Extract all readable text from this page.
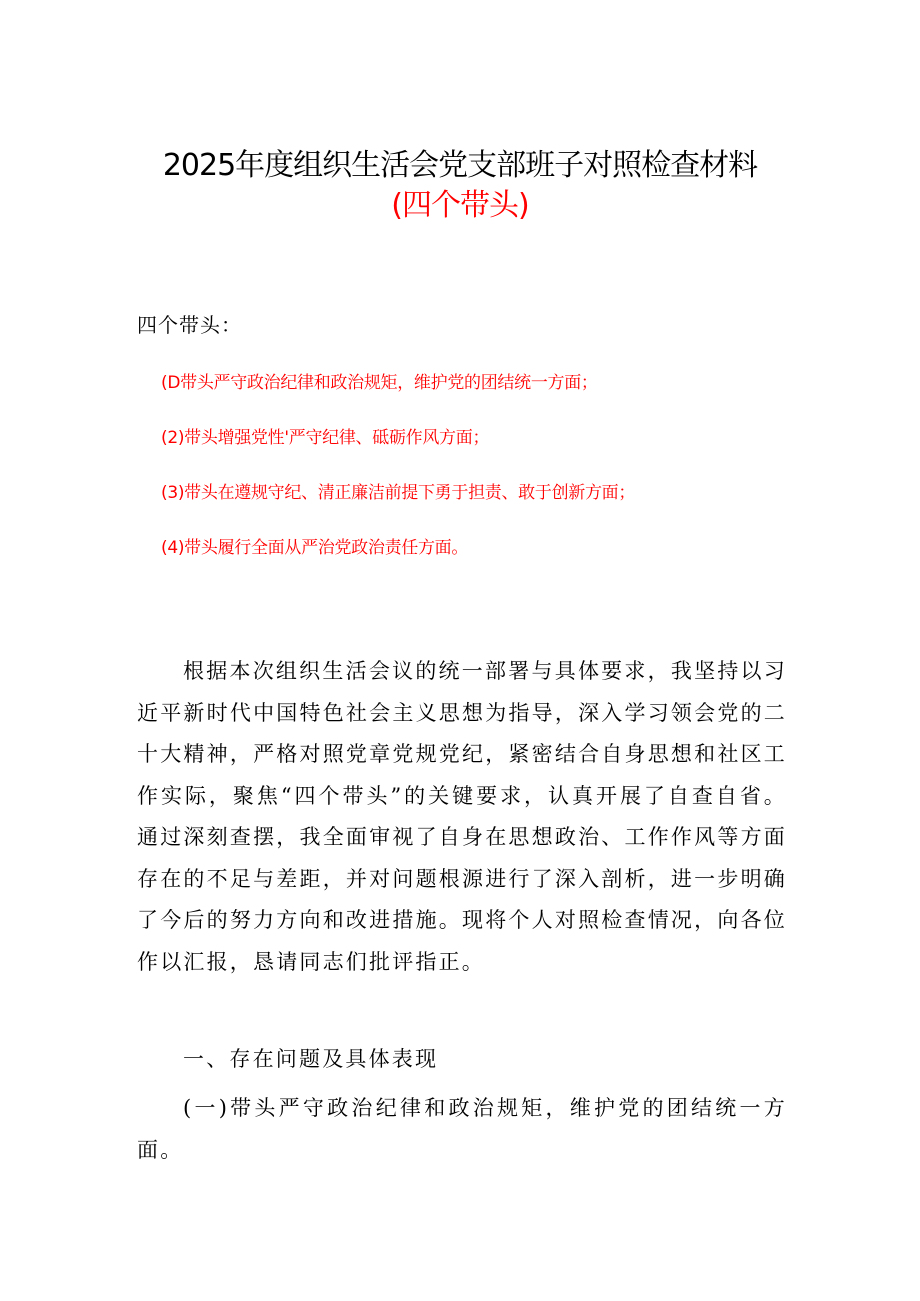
2025年度组织生活会党支部班子对照检查材料
(四个带头)
四个带头：
(D带头严守政治纪律和政治规矩，维护党的团结统一方面；
(2)带头增强党性'严守纪律、砥砺作风方面；
(3)带头在遵规守纪、清正廉洁前提下勇于担责、敢于创新方面；
(4)带头履行全面从严治党政治责任方面。

根据本次组织生活会议的统一部署与具体要求，我坚持以习近平新时代中国特色社会主义思想为指导，深入学习领会党的二十大精神，严格对照党章党规党纪，紧密结合自身思想和社区工作实际，聚焦“四个带头”的关键要求，认真开展了自查自省。通过深刻查摆，我全面审视了自身在思想政治、工作作风等方面存在的不足与差距，并对问题根源进行了深入剖析，进一步明确了今后的努力方向和改进措施。现将个人对照检查情况，向各位作以汇报，恳请同志们批评指正。

一、存在问题及具体表现

(一)带头严守政治纪律和政治规矩，维护党的团结统一方面。
